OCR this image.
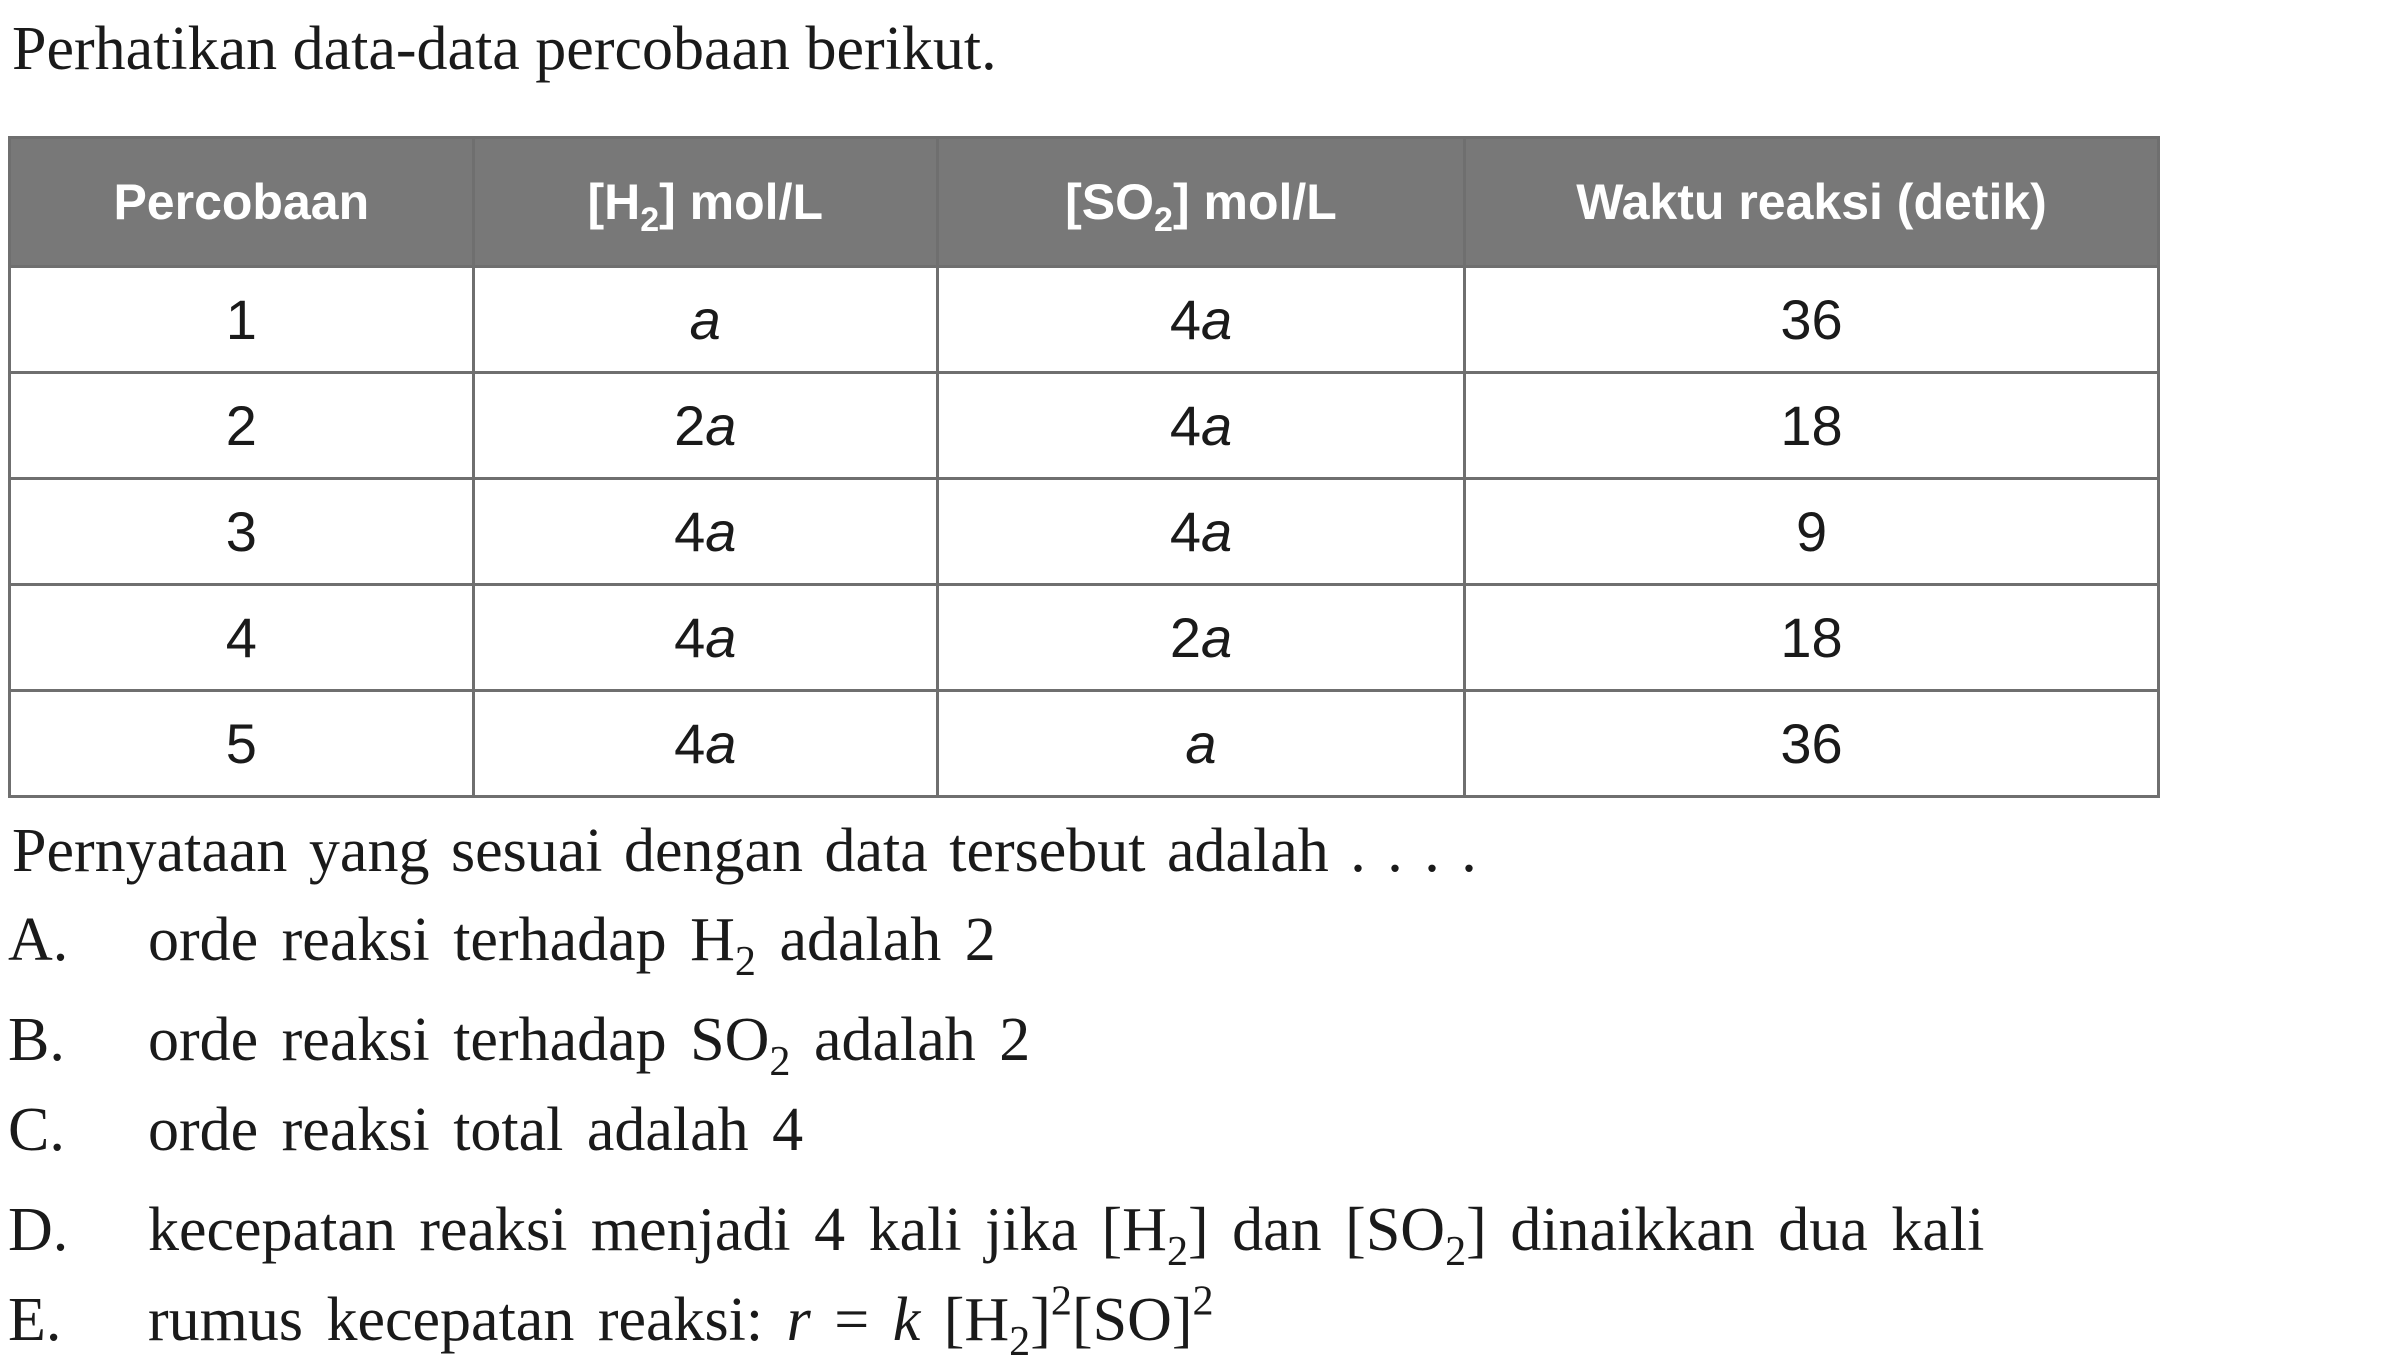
Perhatikan data-data percobaan berikut.
Percobaan	$[H_2]$ mol/L	$[SO_2]$ mol/L	Waktu reaksi (detik)
1	a	4a	36
2	2a	4a	18
3	4a	4a	9
4	4a	2a	18
5	4a	a	36
Pernyataan yang sesuai dengan data tersebut adalah . . . .
A. orde reaksi terhadap $H_2$ adalah 2
B. orde reaksi terhadap $SO_2$ adalah 2
C. orde reaksi total adalah 4
D. kecepatan reaksi menjadi 4 kali jika $[H_2]$ dan $[SO_2]$ dinaikkan dua kali
E. rumus kecepatan reaksi: r = k $[H_2]^2[SO]^2$
